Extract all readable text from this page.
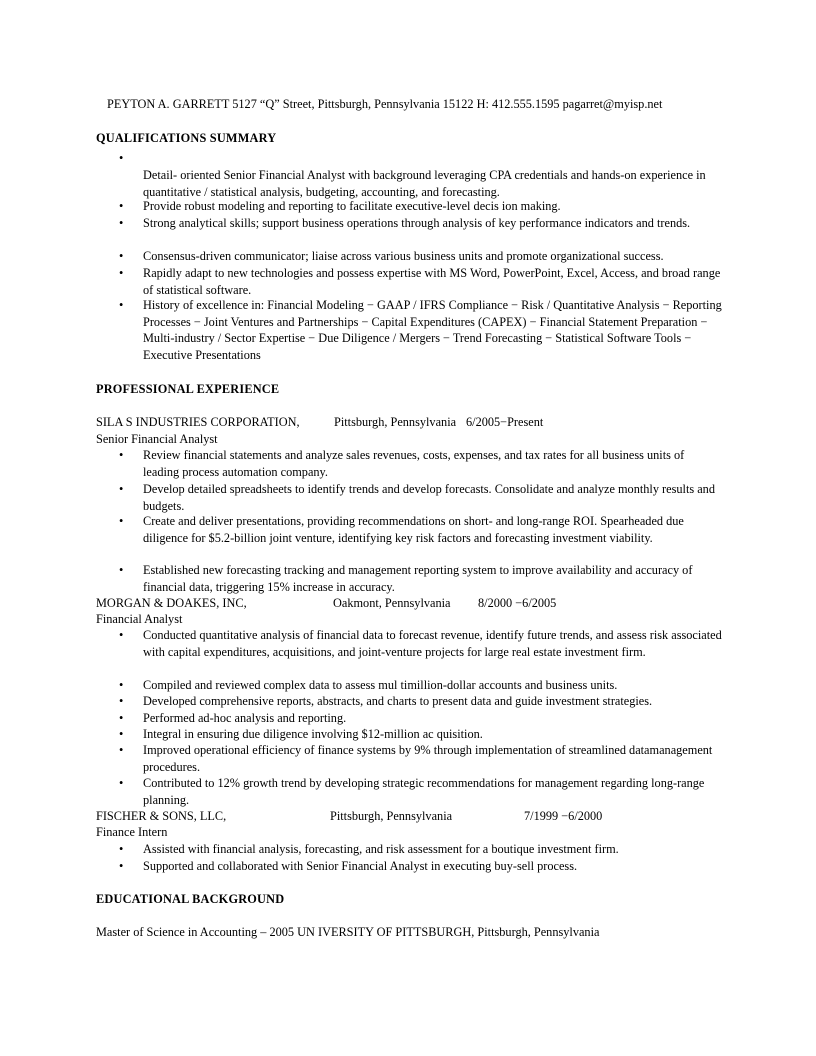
PEYTON A. GARRETT 5127 “Q” Street, Pittsburgh, Pennsylvania 15122 H: 412.555.1595 pagarret@myisp.net
QUALIFICATIONS SUMMARY
•
Detail- oriented Senior Financial Analyst with background leveraging CPA credentials and hands-on experience in quantitative / statistical analysis, budgeting, accounting, and forecasting.
• Provide robust modeling and reporting to facilitate executive-level decis ion making.
• Strong analytical skills; support business operations through analysis of key performance indicators and trends.
• Consensus-driven communicator; liaise across various business units and promote organizational success.
• Rapidly adapt to new technologies and possess expertise with MS Word, PowerPoint, Excel, Access, and broad range of statistical software.
• History of excellence in: Financial Modeling − GAAP / IFRS Compliance − Risk / Quantitative Analysis − Reporting Processes − Joint Ventures and Partnerships − Capital Expenditures (CAPEX) − Financial Statement Preparation − Multi-industry / Sector Expertise − Due Diligence / Mergers − Trend Forecasting − Statistical Software Tools − Executive Presentations
PROFESSIONAL EXPERIENCE
SILA S INDUSTRIES CORPORATION,	Pittsburgh, Pennsylvania 6/2005−Present
Senior Financial Analyst
• Review financial statements and analyze sales revenues, costs, expenses, and tax rates for all business units of leading process automation company.
• Develop detailed spreadsheets to identify trends and develop forecasts. Consolidate and analyze monthly results and budgets.
• Create and deliver presentations, providing recommendations on short- and long-range ROI. Spearheaded due diligence for $5.2-billion joint venture, identifying key risk factors and forecasting investment viability.
• Established new forecasting tracking and management reporting system to improve availability and accuracy of financial data, triggering 15% increase in accuracy.
MORGAN & DOAKES, INC,	Oakmont, Pennsylvania 8/2000 −6/2005
Financial Analyst
• Conducted quantitative analysis of financial data to forecast revenue, identify future trends, and assess risk associated with capital expenditures, acquisitions, and joint-venture projects for large real estate investment firm.
• Compiled and reviewed complex data to assess mul timillion-dollar accounts and business units.
• Developed comprehensive reports, abstracts, and charts to present data and guide investment strategies.
• Performed ad-hoc analysis and reporting.
• Integral in ensuring due diligence involving $12-million ac quisition.
• Improved operational efficiency of finance systems by 9% through implementation of streamlined datamanagement procedures.
• Contributed to 12% growth trend by developing strategic recommendations for management regarding long-range planning.
FISCHER & SONS, LLC,	Pittsburgh, Pennsylvania	7/1999 −6/2000
Finance Intern
• Assisted with financial analysis, forecasting, and risk assessment for a boutique investment firm.
• Supported and collaborated with Senior Financial Analyst in executing buy-sell process.
EDUCATIONAL BACKGROUND
Master of Science in Accounting – 2005 UN IVERSITY OF PITTSBURGH, Pittsburgh, Pennsylvania
